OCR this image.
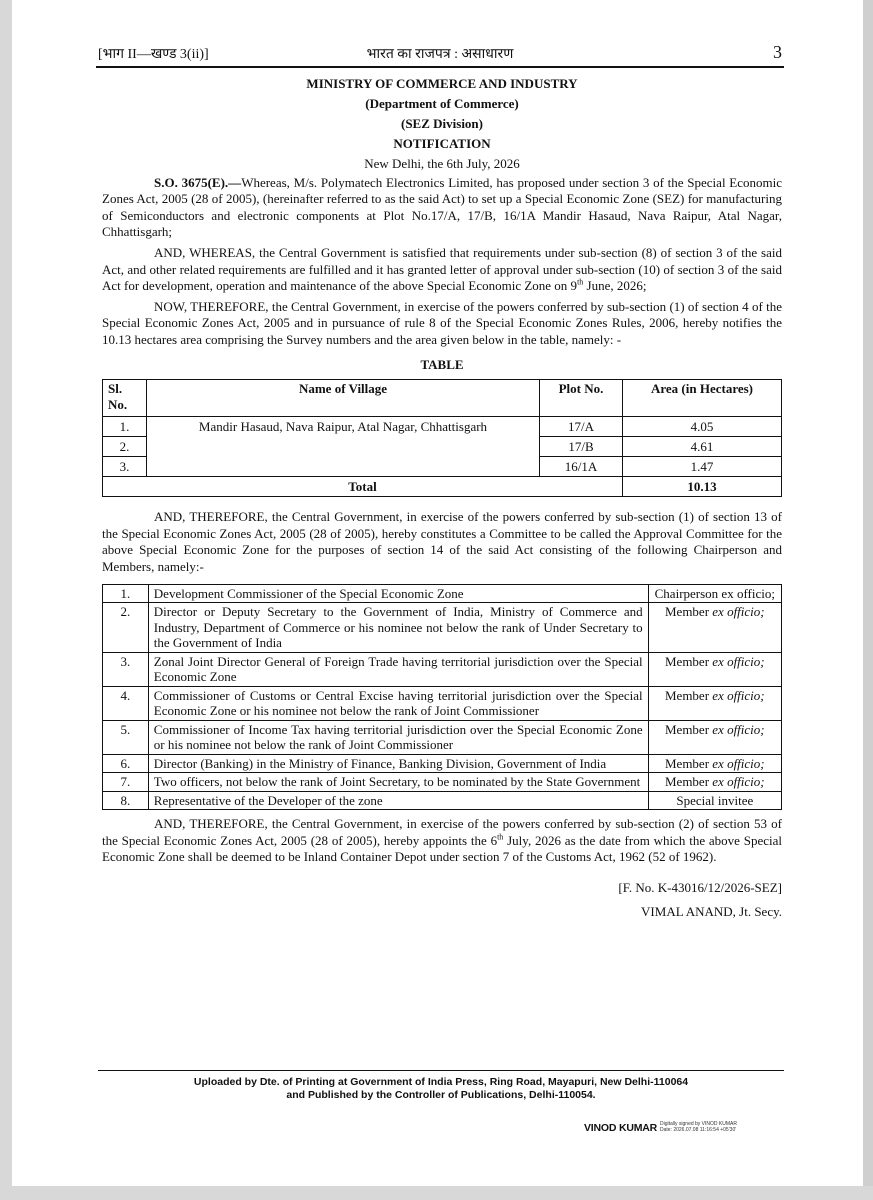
[भाग II—खण्ड 3(ii)]	भारत का राजपत्र : असाधारण	3
MINISTRY OF COMMERCE AND INDUSTRY
(Department of Commerce)
(SEZ Division)
NOTIFICATION
New Delhi, the 6th July, 2026

S.O. 3675(E).—Whereas, M/s. Polymatech Electronics Limited, has proposed under section 3 of the Special Economic Zones Act, 2005 (28 of 2005), (hereinafter referred to as the said Act) to set up a Special Economic Zone (SEZ) for manufacturing of Semiconductors and electronic components at Plot No.17/A, 17/B, 16/1A Mandir Hasaud, Nava Raipur, Atal Nagar, Chhattisgarh;

AND, WHEREAS, the Central Government is satisfied that requirements under sub-section (8) of section 3 of the said Act, and other related requirements are fulfilled and it has granted letter of approval under sub-section (10) of section 3 of the said Act for development, operation and maintenance of the above Special Economic Zone on 9th June, 2026;

NOW, THEREFORE, the Central Government, in exercise of the powers conferred by sub-section (1) of section 4 of the Special Economic Zones Act, 2005 and in pursuance of rule 8 of the Special Economic Zones Rules, 2006, hereby notifies the 10.13 hectares area comprising the Survey numbers and the area given below in the table, namely: -

TABLE
Sl.
No.	Name of Village	Plot No.	Area (in Hectares)
1.	Mandir Hasaud, Nava Raipur, Atal Nagar, Chhattisgarh	17/A	4.05
2.		17/B	4.61
3.		16/1A	1.47
Total			10.13

AND, THEREFORE, the Central Government, in exercise of the powers conferred by sub-section (1) of section 13 of the Special Economic Zones Act, 2005 (28 of 2005), hereby constitutes a Committee to be called the Approval Committee for the above Special Economic Zone for the purposes of section 14 of the said Act consisting of the following Chairperson and Members, namely:-

1.	Development Commissioner of the Special Economic Zone	Chairperson ex officio;
2.	Director or Deputy Secretary to the Government of India, Ministry of Commerce and Industry, Department of Commerce or his nominee not below the rank of Under Secretary to the Government of India	Member ex officio;
3.	Zonal Joint Director General of Foreign Trade having territorial jurisdiction over the Special Economic Zone	Member ex officio;
4.	Commissioner of Customs or Central Excise having territorial jurisdiction over the Special Economic Zone or his nominee not below the rank of Joint Commissioner	Member ex officio;
5.	Commissioner of Income Tax having territorial jurisdiction over the Special Economic Zone or his nominee not below the rank of Joint Commissioner	Member ex officio;
6.	Director (Banking) in the Ministry of Finance, Banking Division, Government of India	Member ex officio;
7.	Two officers, not below the rank of Joint Secretary, to be nominated by the State Government	Member ex officio;
8.	Representative of the Developer of the zone	Special invitee

AND, THEREFORE, the Central Government, in exercise of the powers conferred by sub-section (2) of section 53 of the Special Economic Zones Act, 2005 (28 of 2005), hereby appoints the 6th July, 2026 as the date from which the above Special Economic Zone shall be deemed to be Inland Container Depot under section 7 of the Customs Act, 1962 (52 of 1962).

[F. No. K-43016/12/2026-SEZ]
VIMAL ANAND, Jt. Secy.
Uploaded by Dte. of Printing at Government of India Press, Ring Road, Mayapuri, New Delhi-110064
and Published by the Controller of Publications, Delhi-110054.
VINOD KUMAR Digitally signed by VINOD KUMAR
Date: 2026.07.08 11:16:54 +05'30'
